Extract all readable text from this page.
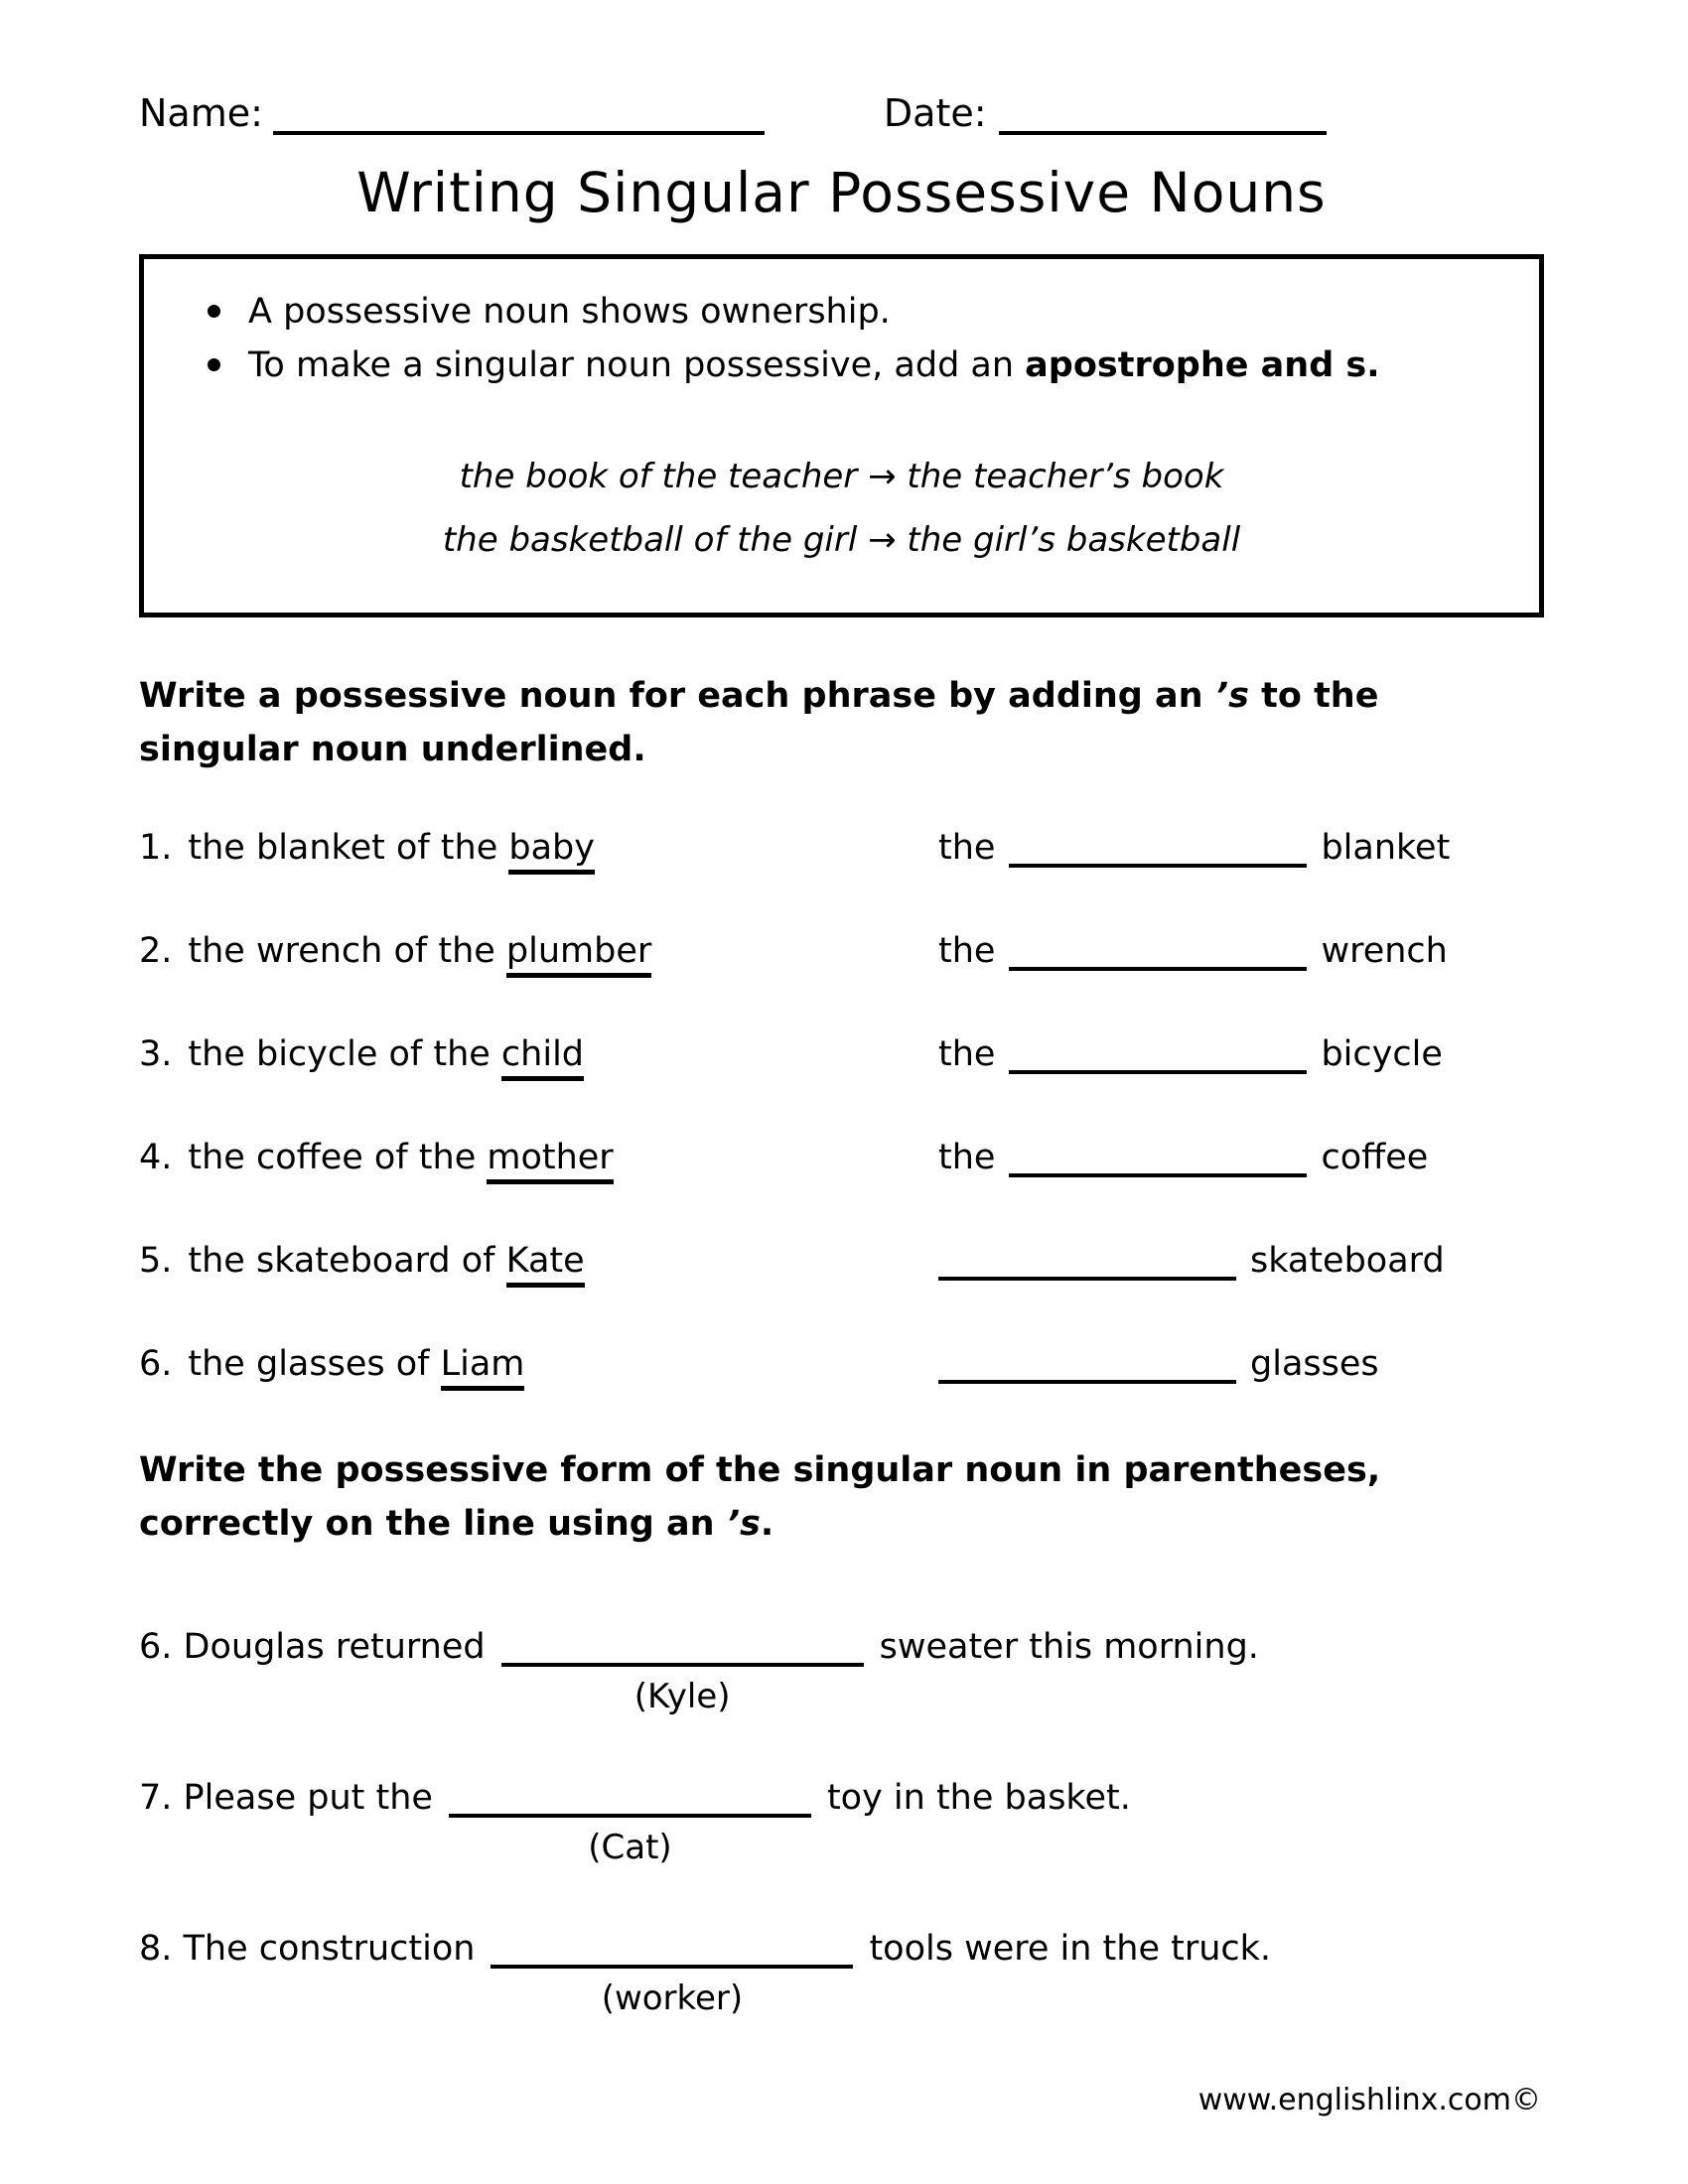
Name:	Date:
Writing Singular Possessive Nouns
A possessive noun shows ownership.
To make a singular noun possessive, add an apostrophe and s.
the book of the teacher → the teacher’s book
the basketball of the girl → the girl’s basketball
Write a possessive noun for each phrase by adding an ’s to the singular noun underlined.
1. the blanket of the baby	the	blanket
2. the wrench of the plumber	the	wrench
3. the bicycle of the child	the	bicycle
4. the coffee of the mother	the	coffee
5. the skateboard of Kate	skateboard
6. the glasses of Liam	glasses
Write the possessive form of the singular noun in parentheses, correctly on the line using an ’s.
6. Douglas returned	sweater this morning.
(Kyle)
7. Please put the	toy in the basket.
(Cat)
8. The construction	tools were in the truck.
(worker)
www.englishlinx.com©
